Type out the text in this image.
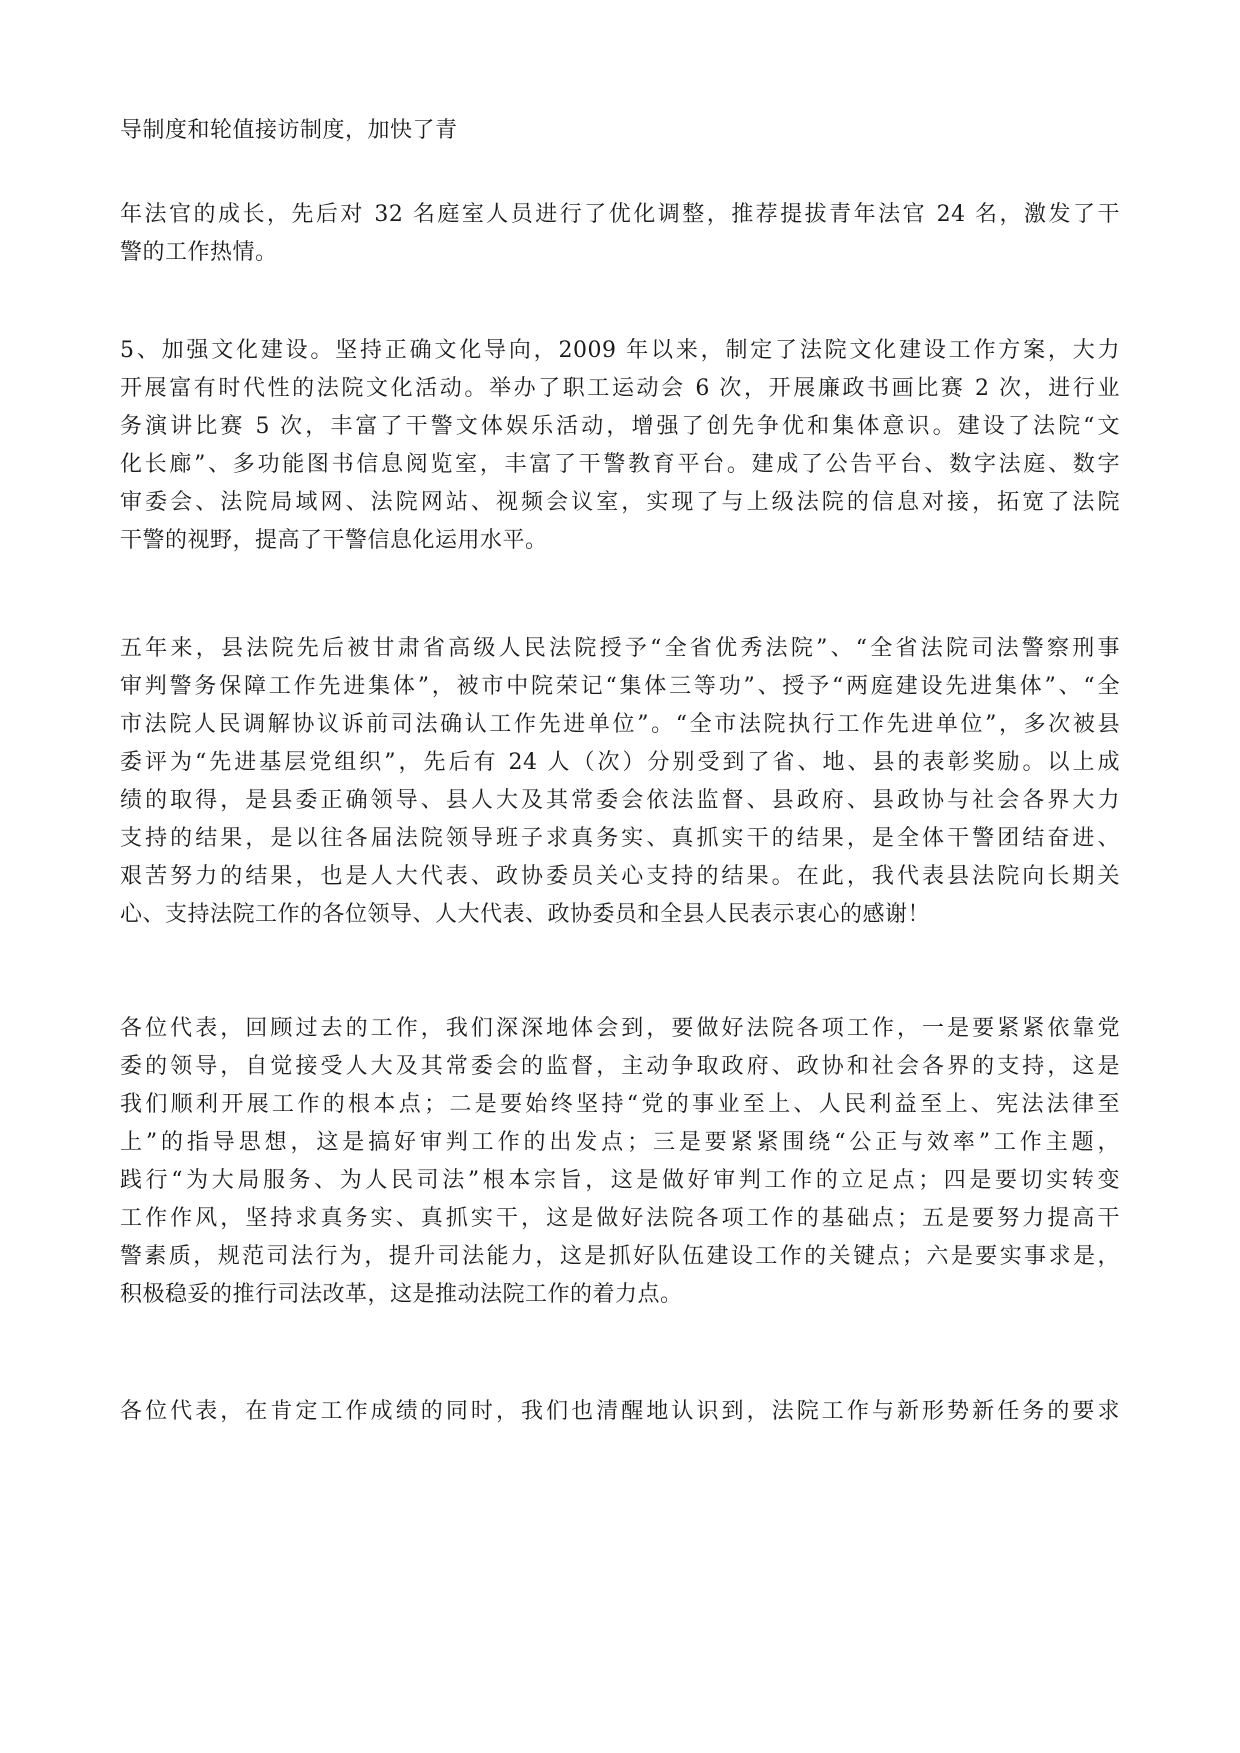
导制度和轮值接访制度，加快了青

年法官的成长，先后对 32 名庭室人员进行了优化调整，推荐提拔青年法官 24 名，激发了干
警的工作热情。

5、加强文化建设。坚持正确文化导向，2009 年以来，制定了法院文化建设工作方案，大力
开展富有时代性的法院文化活动。举办了职工运动会 6 次，开展廉政书画比赛 2 次，进行业
务演讲比赛 5 次，丰富了干警文体娱乐活动，增强了创先争优和集体意识。建设了法院“文
化长廊”、多功能图书信息阅览室，丰富了干警教育平台。建成了公告平台、数字法庭、数字
审委会、法院局域网、法院网站、视频会议室，实现了与上级法院的信息对接，拓宽了法院
干警的视野，提高了干警信息化运用水平。

五年来，县法院先后被甘肃省高级人民法院授予“全省优秀法院”、“全省法院司法警察刑事
审判警务保障工作先进集体”，被市中院荣记“集体三等功”、授予“两庭建设先进集体”、“全
市法院人民调解协议诉前司法确认工作先进单位”。“全市法院执行工作先进单位”，多次被县
委评为“先进基层党组织”，先后有 24 人（次）分别受到了省、地、县的表彰奖励。以上成
绩的取得，是县委正确领导、县人大及其常委会依法监督、县政府、县政协与社会各界大力
支持的结果，是以往各届法院领导班子求真务实、真抓实干的结果，是全体干警团结奋进、
艰苦努力的结果，也是人大代表、政协委员关心支持的结果。在此，我代表县法院向长期关
心、支持法院工作的各位领导、人大代表、政协委员和全县人民表示衷心的感谢！

各位代表，回顾过去的工作，我们深深地体会到，要做好法院各项工作，一是要紧紧依靠党
委的领导，自觉接受人大及其常委会的监督，主动争取政府、政协和社会各界的支持，这是
我们顺利开展工作的根本点；二是要始终坚持“党的事业至上、人民利益至上、宪法法律至
上”的指导思想，这是搞好审判工作的出发点；三是要紧紧围绕“公正与效率”工作主题，
践行“为大局服务、为人民司法”根本宗旨，这是做好审判工作的立足点；四是要切实转变
工作作风，坚持求真务实、真抓实干，这是做好法院各项工作的基础点；五是要努力提高干
警素质，规范司法行为，提升司法能力，这是抓好队伍建设工作的关键点；六是要实事求是，
积极稳妥的推行司法改革，这是推动法院工作的着力点。

各位代表，在肯定工作成绩的同时，我们也清醒地认识到，法院工作与新形势新任务的要求
